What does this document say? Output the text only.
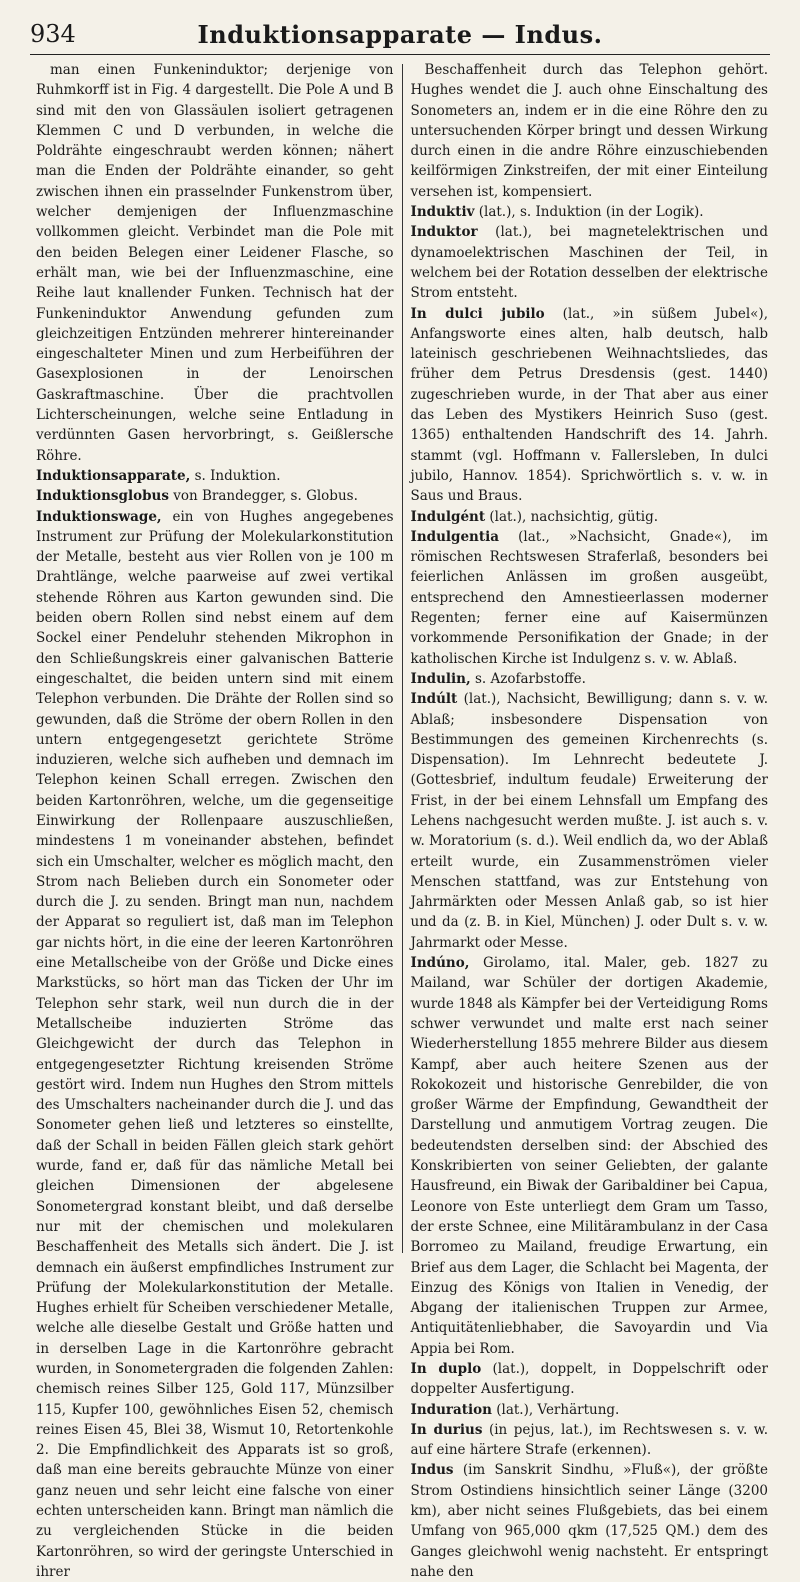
934	Induktionsapparate — Indus.

man einen Funkeninduktor; derjenige von Ruhmkorff ist in Fig. 4 dargestellt. Die Pole A und B sind mit den von Glassäulen isoliert getragenen Klemmen C und D verbunden, in welche die Poldrähte eingeschraubt werden können; nähert man die Enden der Poldrähte einander, so geht zwischen ihnen ein prasselnder Funkenstrom über, welcher demjenigen der Influenzmaschine vollkommen gleicht. Verbindet man die Pole mit den beiden Belegen einer Leidener Flasche, so erhält man, wie bei der Influenzmaschine, eine Reihe laut knallender Funken. Technisch hat der Funkeninduktor Anwendung gefunden zum gleichzeitigen Entzünden mehrerer hintereinander eingeschalteter Minen und zum Herbeiführen der Gasexplosionen in der Lenoirschen Gaskraftmaschine. Über die prachtvollen Lichterscheinungen, welche seine Entladung in verdünnten Gasen hervorbringt, s. Geißlersche Röhre.

Induktionsapparate, s. Induktion.

Induktionsglobus von Brandegger, s. Globus.

Induktionswage, ein von Hughes angegebenes Instrument zur Prüfung der Molekularkonstitution der Metalle, besteht aus vier Rollen von je 100 m Drahtlänge, welche paarweise auf zwei vertikal stehende Röhren aus Karton gewunden sind. Die beiden obern Rollen sind nebst einem auf dem Sockel einer Pendeluhr stehenden Mikrophon in den Schließungskreis einer galvanischen Batterie eingeschaltet, die beiden untern sind mit einem Telephon verbunden. Die Drähte der Rollen sind so gewunden, daß die Ströme der obern Rollen in den untern entgegengesetzt gerichtete Ströme induzieren, welche sich aufheben und demnach im Telephon keinen Schall erregen. Zwischen den beiden Kartonröhren, welche, um die gegenseitige Einwirkung der Rollenpaare auszuschließen, mindestens 1 m voneinander abstehen, befindet sich ein Umschalter, welcher es möglich macht, den Strom nach Belieben durch ein Sonometer oder durch die J. zu senden. Bringt man nun, nachdem der Apparat so reguliert ist, daß man im Telephon gar nichts hört, in die eine der leeren Kartonröhren eine Metallscheibe von der Größe und Dicke eines Markstücks, so hört man das Ticken der Uhr im Telephon sehr stark, weil nun durch die in der Metallscheibe induzierten Ströme das Gleichgewicht der durch das Telephon in entgegengesetzter Richtung kreisenden Ströme gestört wird. Indem nun Hughes den Strom mittels des Umschalters nacheinander durch die J. und das Sonometer gehen ließ und letzteres so einstellte, daß der Schall in beiden Fällen gleich stark gehört wurde, fand er, daß für das nämliche Metall bei gleichen Dimensionen der abgelesene Sonometergrad konstant bleibt, und daß derselbe nur mit der chemischen und molekularen Beschaffenheit des Metalls sich ändert. Die J. ist demnach ein äußerst empfindliches Instrument zur Prüfung der Molekularkonstitution der Metalle. Hughes erhielt für Scheiben verschiedener Metalle, welche alle dieselbe Gestalt und Größe hatten und in derselben Lage in die Kartonröhre gebracht wurden, in Sonometergraden die folgenden Zahlen: chemisch reines Silber 125, Gold 117, Münzsilber 115, Kupfer 100, gewöhnliches Eisen 52, chemisch reines Eisen 45, Blei 38, Wismut 10, Retortenkohle 2. Die Empfindlichkeit des Apparats ist so groß, daß man eine bereits gebrauchte Münze von einer ganz neuen und sehr leicht eine falsche von einer echten unterscheiden kann. Bringt man nämlich die zu vergleichenden Stücke in die beiden Kartonröhren, so wird der geringste Unterschied in ihrer

Beschaffenheit durch das Telephon gehört. Hughes wendet die J. auch ohne Einschaltung des Sonometers an, indem er in die eine Röhre den zu untersuchenden Körper bringt und dessen Wirkung durch einen in die andre Röhre einzuschiebenden keilförmigen Zinkstreifen, der mit einer Einteilung versehen ist, kompensiert.

Induktiv (lat.), s. Induktion (in der Logik).

Induktor (lat.), bei magnetelektrischen und dynamoelektrischen Maschinen der Teil, in welchem bei der Rotation desselben der elektrische Strom entsteht.

In dulci jubilo (lat., »in süßem Jubel«), Anfangsworte eines alten, halb deutsch, halb lateinisch geschriebenen Weihnachtsliedes, das früher dem Petrus Dresdensis (gest. 1440) zugeschrieben wurde, in der That aber aus einer das Leben des Mystikers Heinrich Suso (gest. 1365) enthaltenden Handschrift des 14. Jahrh. stammt (vgl. Hoffmann v. Fallersleben, In dulci jubilo, Hannov. 1854). Sprichwörtlich s. v. w. in Saus und Braus.

Indulgént (lat.), nachsichtig, gütig.

Indulgentia (lat., »Nachsicht, Gnade«), im römischen Rechtswesen Straferlaß, besonders bei feierlichen Anlässen im großen ausgeübt, entsprechend den Amnestieerlassen moderner Regenten; ferner eine auf Kaisermünzen vorkommende Personifikation der Gnade; in der katholischen Kirche ist Indulgenz s. v. w. Ablaß.

Indulin, s. Azofarbstoffe.

Indúlt (lat.), Nachsicht, Bewilligung; dann s. v. w. Ablaß; insbesondere Dispensation von Bestimmungen des gemeinen Kirchenrechts (s. Dispensation). Im Lehnrecht bedeutete J. (Gottesbrief, indultum feudale) Erweiterung der Frist, in der bei einem Lehnsfall um Empfang des Lehens nachgesucht werden mußte. J. ist auch s. v. w. Moratorium (s. d.). Weil endlich da, wo der Ablaß erteilt wurde, ein Zusammenströmen vieler Menschen stattfand, was zur Entstehung von Jahrmärkten oder Messen Anlaß gab, so ist hier und da (z. B. in Kiel, München) J. oder Dult s. v. w. Jahrmarkt oder Messe.

Indúno, Girolamo, ital. Maler, geb. 1827 zu Mailand, war Schüler der dortigen Akademie, wurde 1848 als Kämpfer bei der Verteidigung Roms schwer verwundet und malte erst nach seiner Wiederherstellung 1855 mehrere Bilder aus diesem Kampf, aber auch heitere Szenen aus der Rokokozeit und historische Genrebilder, die von großer Wärme der Empfindung, Gewandtheit der Darstellung und anmutigem Vortrag zeugen. Die bedeutendsten derselben sind: der Abschied des Konskribierten von seiner Geliebten, der galante Hausfreund, ein Biwak der Garibaldiner bei Capua, Leonore von Este unterliegt dem Gram um Tasso, der erste Schnee, eine Militärambulanz in der Casa Borromeo zu Mailand, freudige Erwartung, ein Brief aus dem Lager, die Schlacht bei Magenta, der Einzug des Königs von Italien in Venedig, der Abgang der italienischen Truppen zur Armee, Antiquitätenliebhaber, die Savoyardin und Via Appia bei Rom.

In duplo (lat.), doppelt, in Doppelschrift oder doppelter Ausfertigung.

Induration (lat.), Verhärtung.

In durius (in pejus, lat.), im Rechtswesen s. v. w. auf eine härtere Strafe (erkennen).

Indus (im Sanskrit Sindhu, »Fluß«), der größte Strom Ostindiens hinsichtlich seiner Länge (3200 km), aber nicht seines Flußgebiets, das bei einem Umfang von 965,000 qkm (17,525 QM.) dem des Ganges gleichwohl wenig nachsteht. Er entspringt nahe den
